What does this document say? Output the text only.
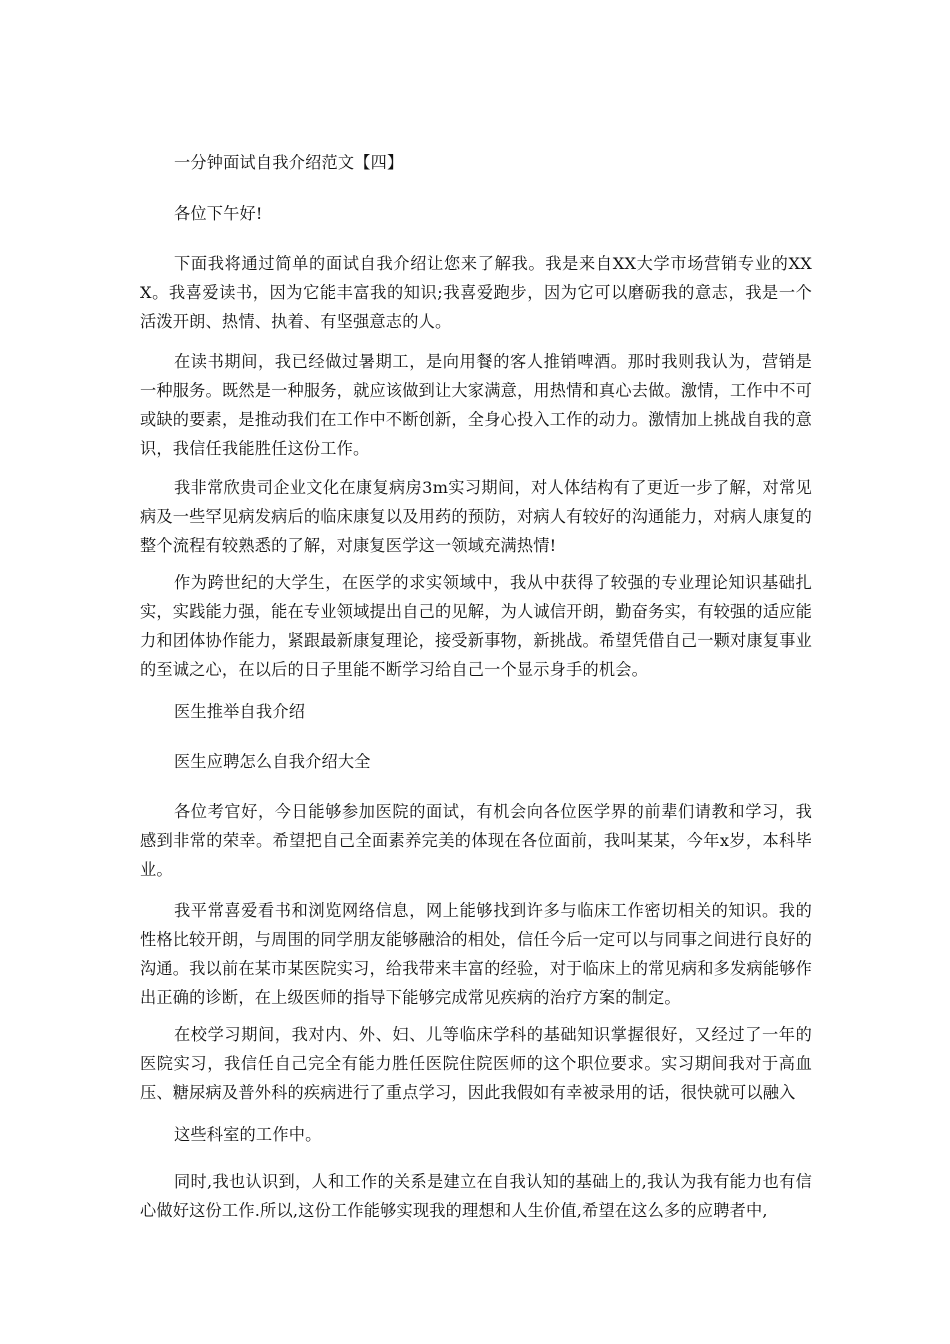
一分钟面试自我介绍范文【四】
各位下午好!
下面我将通过简单的面试自我介绍让您来了解我。我是来自XX大学市场营销专业的XXX。我喜爱读书，因为它能丰富我的知识;我喜爱跑步，因为它可以磨砺我的意志，我是一个活泼开朗、热情、执着、有坚强意志的人。
在读书期间，我已经做过暑期工，是向用餐的客人推销啤酒。那时我则我认为，营销是一种服务。既然是一种服务，就应该做到让大家满意，用热情和真心去做。激情，工作中不可或缺的要素，是推动我们在工作中不断创新，全身心投入工作的动力。激情加上挑战自我的意识，我信任我能胜任这份工作。
我非常欣贵司企业文化在康复病房3m实习期间，对人体结构有了更近一步了解，对常见病及一些罕见病发病后的临床康复以及用药的预防，对病人有较好的沟通能力，对病人康复的整个流程有较熟悉的了解，对康复医学这一领域充满热情!
作为跨世纪的大学生，在医学的求实领域中，我从中获得了较强的专业理论知识基础扎实，实践能力强，能在专业领域提出自己的见解，为人诚信开朗，勤奋务实，有较强的适应能力和团体协作能力，紧跟最新康复理论，接受新事物，新挑战。希望凭借自己一颗对康复事业的至诚之心，在以后的日子里能不断学习给自己一个显示身手的机会。
医生推举自我介绍
医生应聘怎么自我介绍大全
各位考官好，今日能够参加医院的面试，有机会向各位医学界的前辈们请教和学习，我感到非常的荣幸。希望把自己全面素养完美的体现在各位面前，我叫某某，今年x岁，本科毕业。
我平常喜爱看书和浏览网络信息，网上能够找到许多与临床工作密切相关的知识。我的性格比较开朗，与周围的同学朋友能够融洽的相处，信任今后一定可以与同事之间进行良好的沟通。我以前在某市某医院实习，给我带来丰富的经验，对于临床上的常见病和多发病能够作出正确的诊断，在上级医师的指导下能够完成常见疾病的治疗方案的制定。
在校学习期间，我对内、外、妇、儿等临床学科的基础知识掌握很好，又经过了一年的医院实习，我信任自己完全有能力胜任医院住院医师的这个职位要求。实习期间我对于高血压、糖尿病及普外科的疾病进行了重点学习，因此我假如有幸被录用的话，很快就可以融入
这些科室的工作中。
同时,我也认识到，人和工作的关系是建立在自我认知的基础上的,我认为我有能力也有信心做好这份工作.所以,这份工作能够实现我的理想和人生价值,希望在这么多的应聘者中,
